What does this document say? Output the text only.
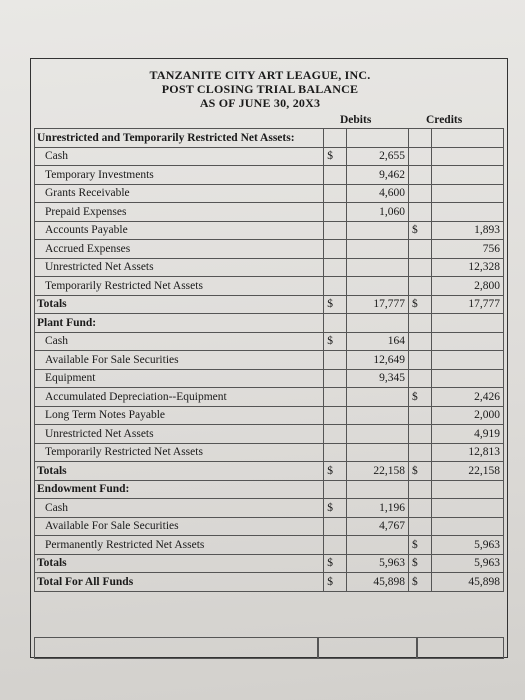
TANZANITE CITY ART LEAGUE, INC.
POST CLOSING TRIAL BALANCE
AS OF JUNE 30, 20X3
Debits	Credits
Unrestricted and Temporarily Restricted Net Assets:				
Cash	$	2,655		
Temporary Investments		9,462		
Grants Receivable		4,600		
Prepaid Expenses		1,060		
Accounts Payable			$	1,893
Accrued Expenses				756
Unrestricted Net Assets				12,328
Temporarily Restricted Net Assets				2,800
Totals	$	17,777	$	17,777
Plant Fund:				
Cash	$	164		
Available For Sale Securities		12,649		
Equipment		9,345		
Accumulated Depreciation--Equipment			$	2,426
Long Term Notes Payable				2,000
Unrestricted Net Assets				4,919
Temporarily Restricted Net Assets				12,813
Totals	$	22,158	$	22,158
Endowment Fund:				
Cash	$	1,196		
Available For Sale Securities		4,767		
Permanently Restricted Net Assets			$	5,963
Totals	$	5,963	$	5,963
Total For All Funds	$	45,898	$	45,898
